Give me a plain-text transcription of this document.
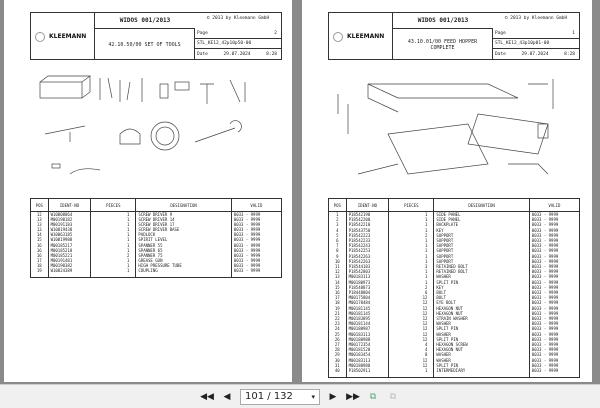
KLEEMANN
WIDOS 001/2013	© 2013 by Kleemann GmbH
42.10.50/00 SET OF TOOLS
Page	2
STL_KE12_42p10p50-00
Date	29.07.2024	8:28
POS	IDENT-NO	PIECES	DESIGNATION	VALID
12	W10008864	1	SCREW DRIVER 9	0033 - 9999
13	M00190182	1	SCREW DRIVER 14	0033 - 9999
13	M00191183	1	SCREW DRIVER 17	0033 - 9999
13	W10019438	1	SCREW DRIVER BASE	0033 - 9999
14	W10063185	1	PADLOCK	0033 - 9999
15	W10019988	1	SPIRIT LEVEL	0033 - 9999
16	M00185217	1	SPANNER 55	0033 - 9999
16	M00185218	1	SPANNER 65	0033 - 9999
16	M00185221	2	SPANNER 75	0033 - 9999
17	M00191481	1	GREASE GUN	0033 - 9999
18	M00190382	1	HIGH PRESSURE TUBE	0033 - 9999
19	W10024389	1	COUPLING	0033 - 9999

KLEEMANN
WIDOS 001/2013	© 2013 by Kleemann GmbH
43.10.01/00 FEED HOPPER COMPLETE
Page	1
STL_KE12_43p10p01-00
Date	29.07.2024	8:28
POS	IDENT-NO	PIECES	DESIGNATION	VALID
1	P18542190	1	SIDE PANEL	0033 - 9999
2	P18542200	1	SIDE PANEL	0033 - 9999
3	P18542210	1	BACKPLATE	0033 - 9999
4	P18543750	1	KEY	0033 - 9999
5	P18542223	2	SUPPORT	0033 - 9999
6	P18542233	1	SUPPORT	0033 - 9999
7	P18542243	1	SUPPORT	0033 - 9999
8	P18542253	1	SUPPORT	0033 - 9999
9	P18542263	1	SUPPORT	0033 - 9999
10	P18542263	1	SUPPORT	0033 - 9999
11	P18544183	3	RETAINED BOLT	0033 - 9999
12	P18542803	1	RETAINED BOLT	0033 - 9999
13	M00183113	1	WASHER	0033 - 9999
14	M00180973	1	SPLIT PIN	0033 - 9999
15	P18548873	2	KEY	0033 - 9999
16	P18448804	6	BOLT	0033 - 9999
17	M00175804	12	BOLT	0033 - 9999
18	M00178484	12	EYE BOLT	0033 - 9999
19	M00181145	12	HEXAGON NUT	0033 - 9999
21	M00181145	12	HEXAGON NUT	0033 - 9999
22	M00183895	12	STRAIN WASHER	0033 - 9999
23	M00181144	12	WASHER	0033 - 9999
24	M00180987	12	SPLIT PIN	0033 - 9999
25	M00183113	12	WASHER	0033 - 9999
26	M00180988	12	SPLIT PIN	0033 - 9999
27	M00172354	4	HEXAGON SCREW	0033 - 9999
28	M00181520	4	HEXAGON NUT	0033 - 9999
29	M00183454	8	WASHER	0033 - 9999
30	M00183113	12	WASHER	0033 - 9999
31	M00180988	12	SPLIT PIN	0033 - 9999
40	P18502911	1	INTERMEDIARY	0033 - 9999

◀◀	◀	101 / 132	▾	▶	▶▶	⧉	⧉
